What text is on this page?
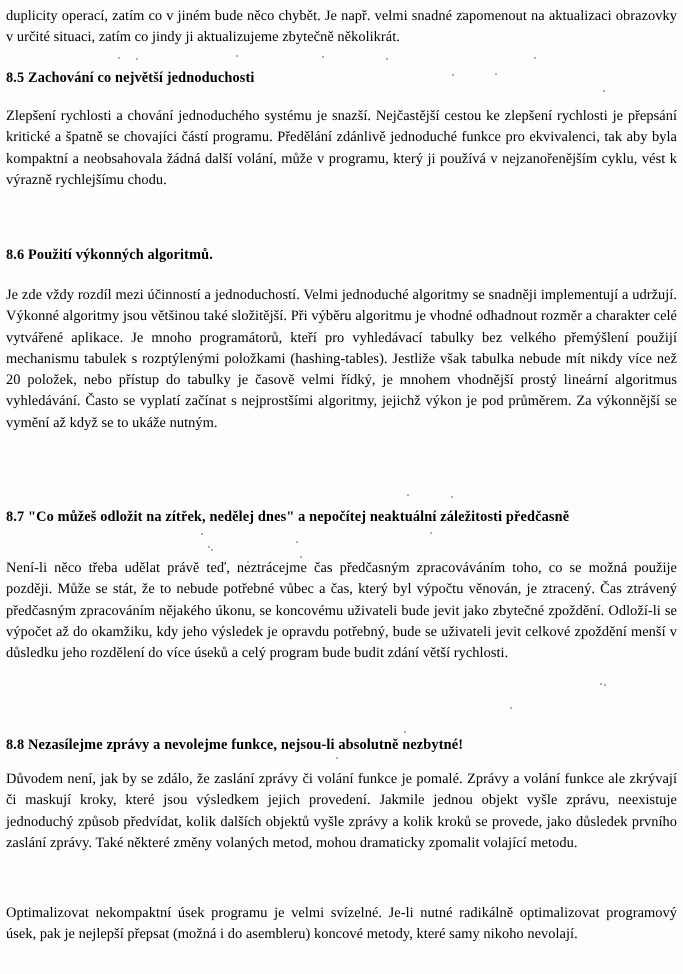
duplicity operací, zatím co v jiném bude něco chybět. Je např. velmi snadné zapomenout na aktualizaci obrazovky v určité situaci, zatím co jindy ji aktualizujeme zbytečně několikrát.

8.5 Zachování co největší jednoduchosti

Zlepšení rychlosti a chování jednoduchého systému je snazší. Nejčastější cestou ke zlepšení rychlosti je přepsání kritické a špatně se chovajíci částí programu. Předělání zdánlivě jednoduché funkce pro ekvivalenci, tak aby byla kompaktní a neobsahovala žádná další volání, může v programu, který ji používá v nejzanořenějším cyklu, vést k výrazně rychlejšímu chodu.

8.6 Použití výkonných algoritmů.

Je zde vždy rozdíl mezi účinností a jednoduchostí. Velmi jednoduché algoritmy se snadněji implementují a udržují. Výkonné algoritmy jsou většinou také složitější. Při výběru algoritmu je vhodné odhadnout rozměr a charakter celé vytvářené aplikace. Je mnoho programátorů, kteří pro vyhledávací tabulky bez velkého přemýšlení použijí mechanismu tabulek s rozptýlenými položkami (hashing-tables). Jestliže však tabulka nebude mít nikdy více než 20 položek, nebo přístup do tabulky je časově velmi řídký, je mnohem vhodnější prostý lineární algoritmus vyhledávání. Často se vyplatí začínat s nejprostšími algoritmy, jejichž výkon je pod průměrem. Za výkonnější se vymění až když se to ukáže nutným.

8.7 "Co můžeš odložit na zítřek, nedělej dnes" a nepočítej neaktuální záležitosti předčasně

Není-li něco třeba udělat právě teď, neztrácejme čas předčasným zpracováváním toho, co se možná použije později. Může se stát, že to nebude potřebné vůbec a čas, který byl výpočtu věnován, je ztracený. Čas ztrávený předčasným zpracováním nějakého úkonu, se koncovému uživateli bude jevit jako zbytečné zpoždění. Odloží-li se výpočet až do okamžiku, kdy jeho výsledek je opravdu potřebný, bude se uživateli jevit celkové zpoždění menší v důsledku jeho rozdělení do více úseků a celý program bude budit zdání větší rychlosti.

8.8 Nezasílejme zprávy a nevolejme funkce, nejsou-li absolutně nezbytné!

Důvodem není, jak by se zdálo, že zaslání zprávy či volání funkce je pomalé. Zprávy a volání funkce ale zkrývají či maskují kroky, které jsou výsledkem jejich provedení. Jakmile jednou objekt vyšle zprávu, neexistuje jednoduchý způsob předvídat, kolik dalších objektů vyšle zprávy a kolik kroků se provede, jako důsledek prvního zaslání zprávy. Také některé změny volaných metod, mohou dramaticky zpomalit volající metodu.

Optimalizovat nekompaktní úsek programu je velmi svízelné. Je-li nutné radikálně optimalizovat programový úsek, pak je nejlepší přepsat (možná i do asembleru) koncové metody, které samy nikoho nevolají.
